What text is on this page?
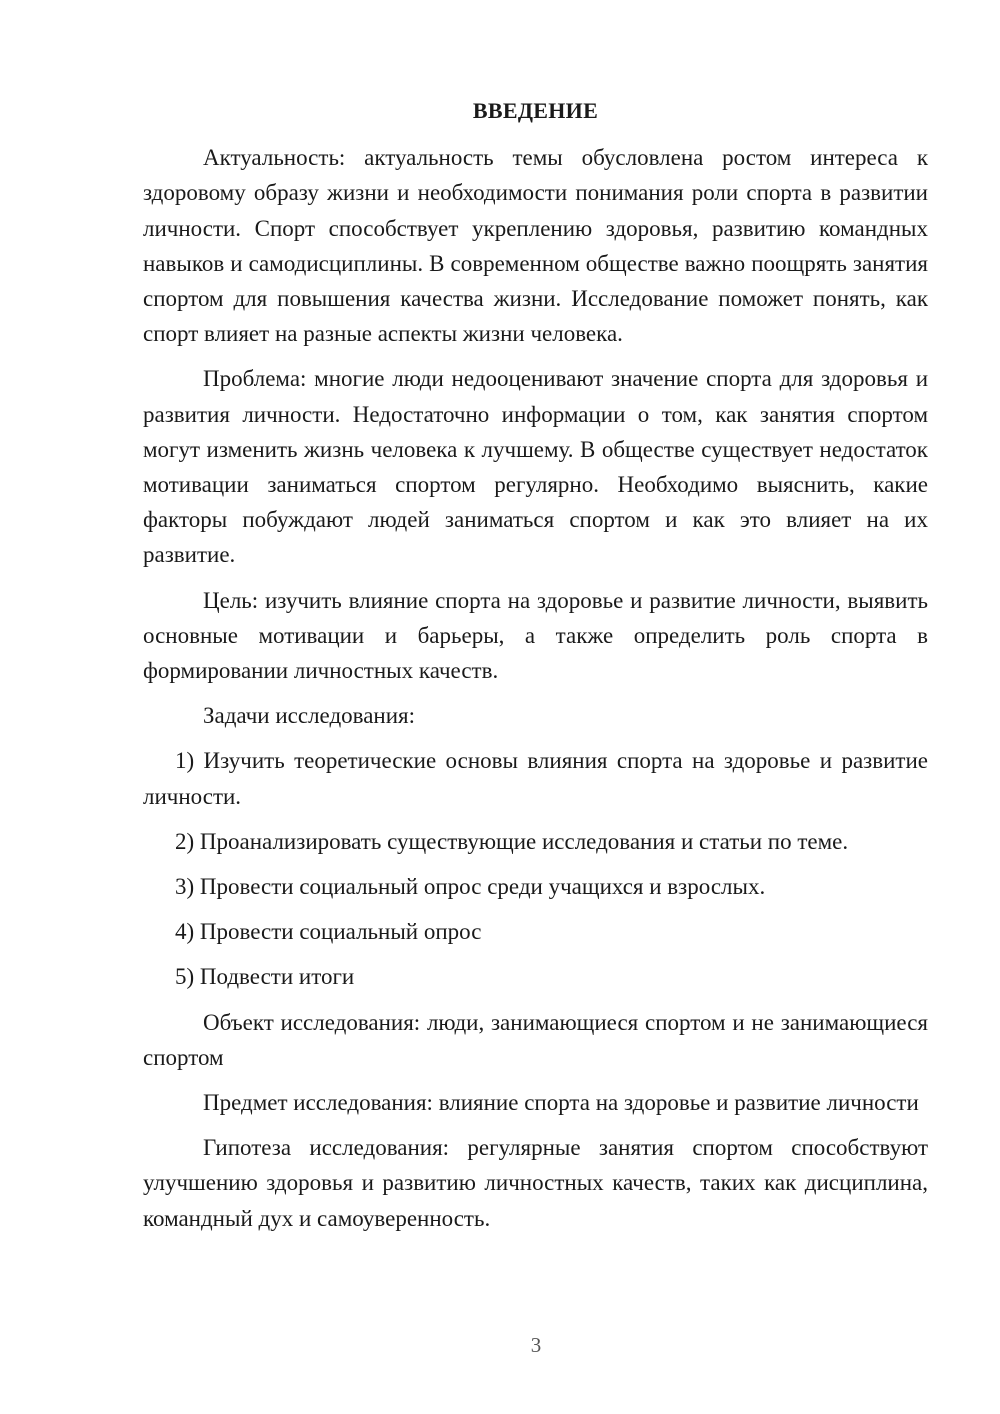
ВВЕДЕНИЕ

Актуальность: актуальность темы обусловлена ростом интереса к здоровому образу жизни и необходимости понимания роли спорта в развитии личности. Спорт способствует укреплению здоровья, развитию командных навыков и самодисциплины. В современном обществе важно поощрять занятия спортом для повышения качества жизни. Исследование поможет понять, как спорт влияет на разные аспекты жизни человека.

Проблема: многие люди недооценивают значение спорта для здоровья и развития личности. Недостаточно информации о том, как занятия спортом могут изменить жизнь человека к лучшему. В обществе существует недостаток мотивации заниматься спортом регулярно. Необходимо выяснить, какие факторы побуждают людей заниматься спортом и как это влияет на их развитие.

Цель: изучить влияние спорта на здоровье и развитие личности, выявить основные мотивации и барьеры, а также определить роль спорта в формировании личностных качеств.

Задачи исследования:

1) Изучить теоретические основы влияния спорта на здоровье и развитие личности.

2) Проанализировать существующие исследования и статьи по теме.

3) Провести социальный опрос среди учащихся и взрослых.

4) Провести социальный опрос

5) Подвести итоги

Объект исследования: люди, занимающиеся спортом и не занимающиеся спортом

Предмет исследования: влияние спорта на здоровье и развитие личности

Гипотеза исследования: регулярные занятия спортом способствуют улучшению здоровья и развитию личностных качеств, таких как дисциплина, командный дух и самоуверенность.

3
